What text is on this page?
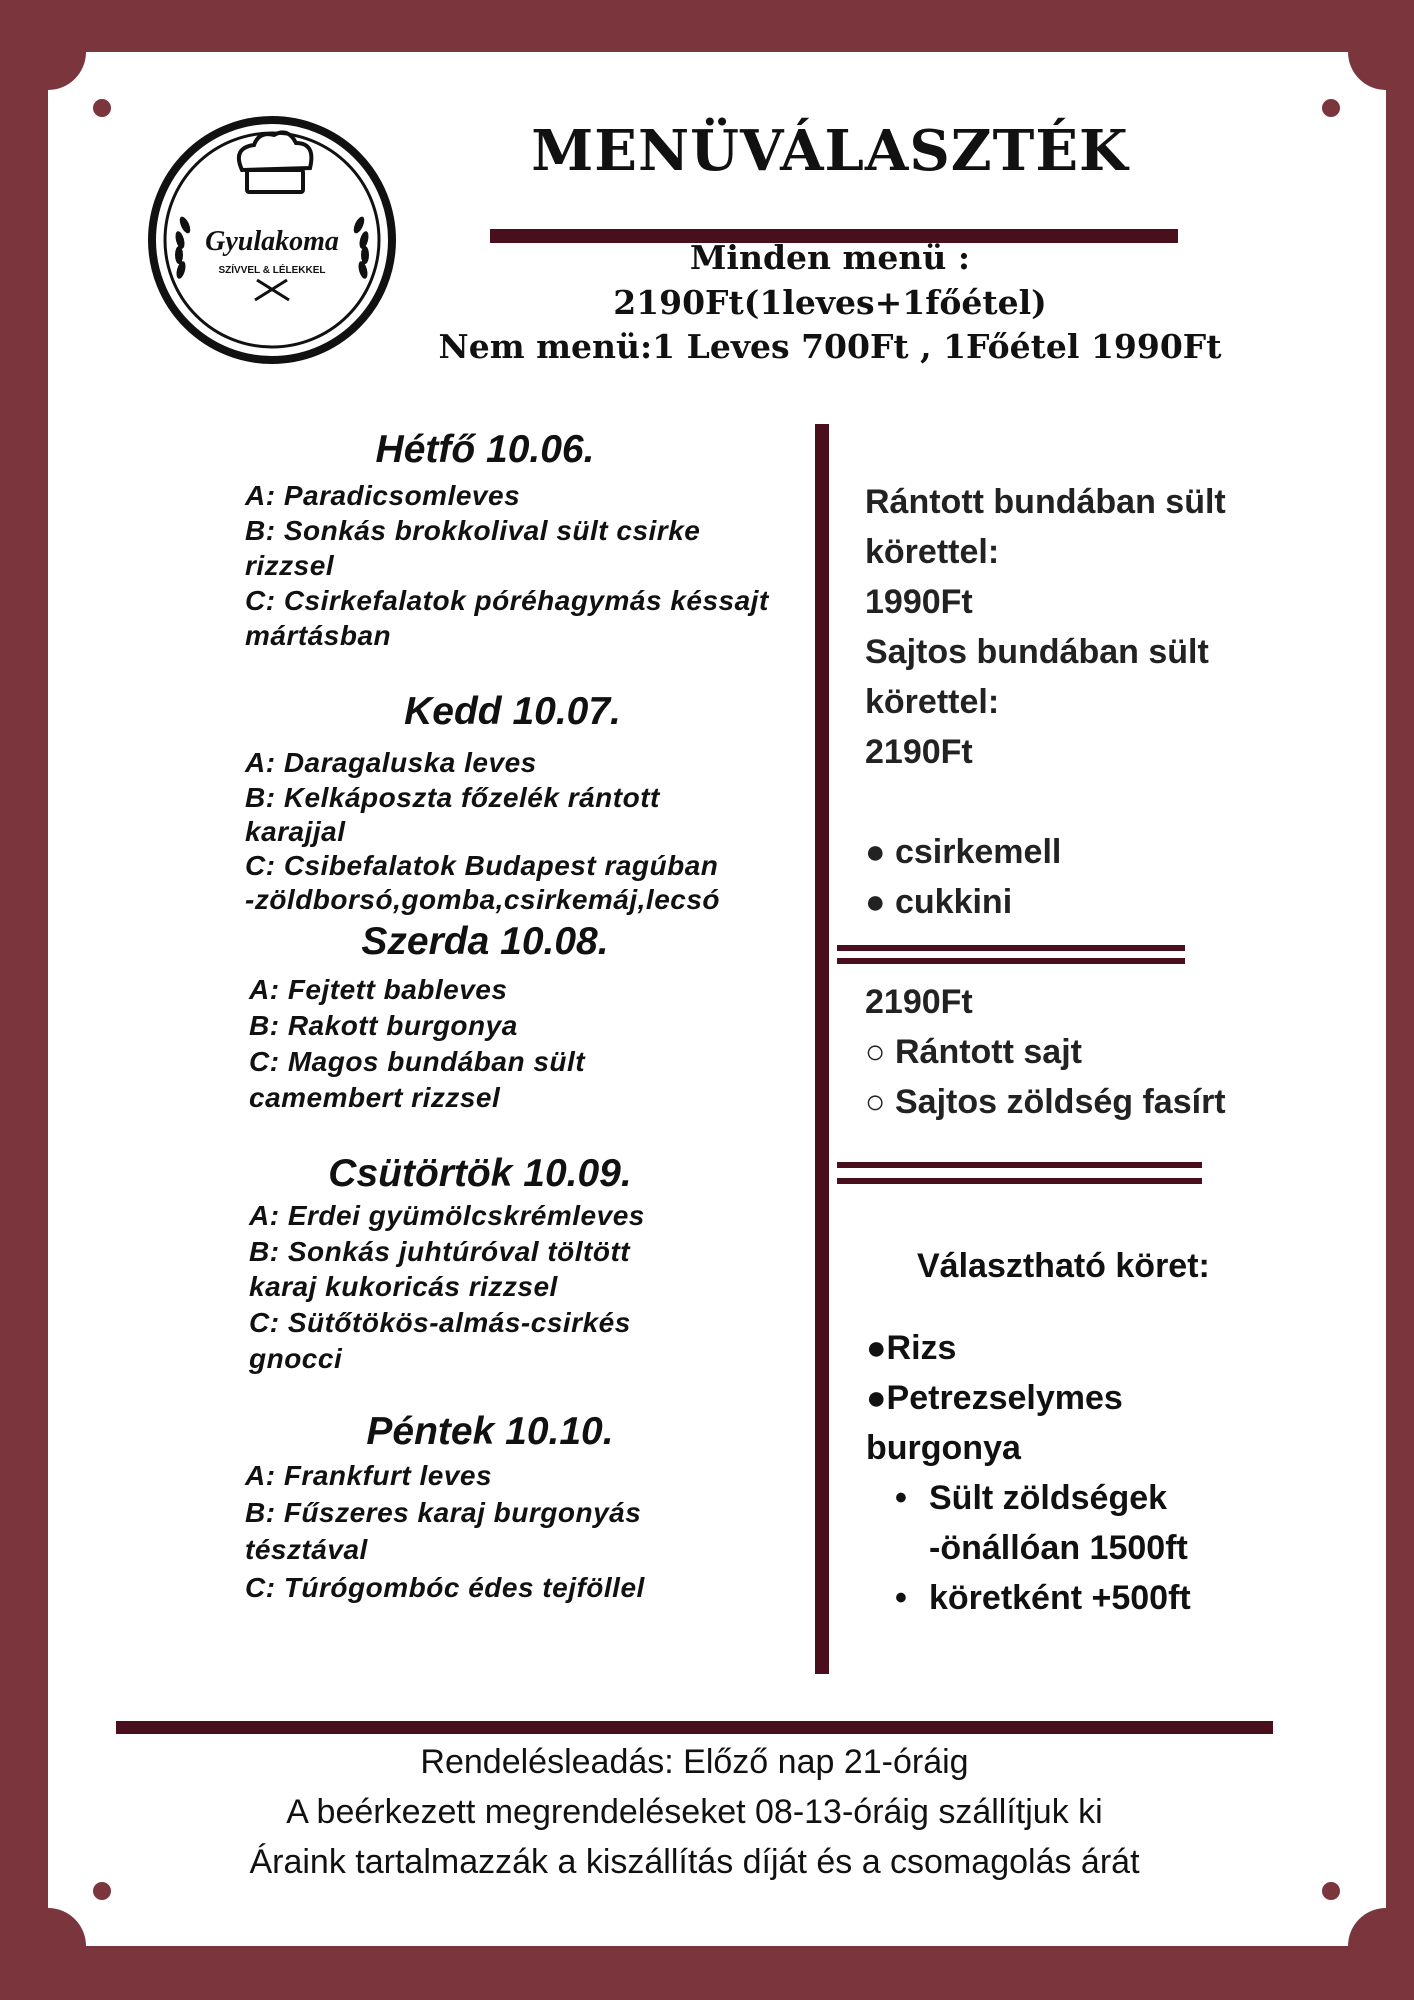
Gyulakoma
SZÍVVEL & LÉLEKKEL
MENÜVÁLASZTÉK
Minden menü :
2190Ft(1leves+1főétel)
Nem menü:1 Leves 700Ft , 1Főétel 1990Ft
Hétfő 10.06.
A: Paradicsomleves
B: Sonkás brokkolival sült csirke
rizzsel
C: Csirkefalatok póréhagymás késsajt
mártásban
Kedd 10.07.
A: Daragaluska leves
B: Kelkáposzta főzelék rántott
karajjal
C: Csibefalatok Budapest ragúban
-zöldborsó,gomba,csirkemáj,lecsó
Szerda 10.08.
A: Fejtett bableves
B: Rakott burgonya
C: Magos bundában sült
camembert rizzsel
Csütörtök 10.09.
A: Erdei gyümölcskrémleves
B: Sonkás juhtúróval töltött
karaj kukoricás rizzsel
C: Sütőtökös-almás-csirkés
gnocci
Péntek 10.10.
A: Frankfurt leves
B: Fűszeres karaj burgonyás
tésztával
C: Túrógombóc édes tejföllel
Rántott bundában sült
körettel:
1990Ft
Sajtos bundában sült
körettel:
2190Ft
● csirkemell
● cukkini
2190Ft
○ Rántott sajt
○ Sajtos zöldség fasírt
Választható köret:
●Rizs
●Petrezselymes
burgonya
• Sült zöldségek
-önállóan 1500ft
• köretként +500ft
Rendelésleadás: Előző nap 21-óráig
A beérkezett megrendeléseket 08-13-óráig szállítjuk ki
Áraink tartalmazzák a kiszállítás díját és a csomagolás árát
